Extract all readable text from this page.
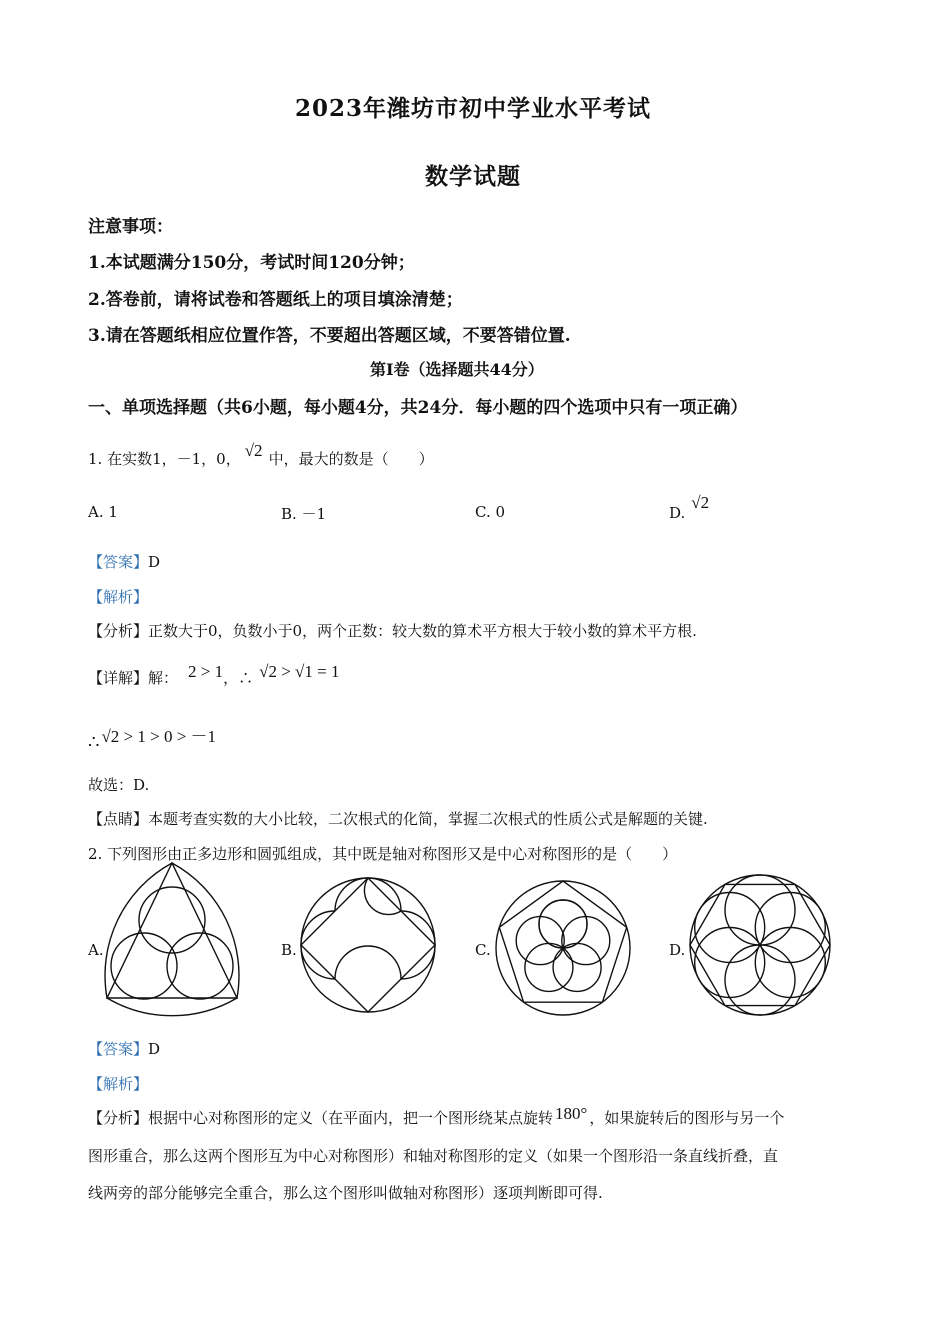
2023年潍坊市初中学业水平考试
数学试题
注意事项：
1.本试题满分150分，考试时间120分钟；
2.答卷前，请将试卷和答题纸上的项目填涂清楚；
3.请在答题纸相应位置作答，不要超出答题区域，不要答错位置.
第I卷（选择题共44分）
一、单项选择题（共6小题，每小题4分，共24分．每小题的四个选项中只有一项正确）
1. 在实数1，－1，0， √2 中，最大的数是（　　）
A. 1	B. －1	C. 0	D.√2
【答案】D
【解析】
【分析】正数大于0，负数小于0，两个正数：较大数的算术平方根大于较小数的算术平方根.
【详解】解： 2 > 1，∴ √2 > √1 = 1
∴ √2 > 1 > 0 > －1
故选：D.
【点睛】本题考查实数的大小比较，二次根式的化简，掌握二次根式的性质公式是解题的关键.
2. 下列图形由正多边形和圆弧组成，其中既是轴对称图形又是中心对称图形的是（　　）
A.	B.	C.	D.
【答案】D
【解析】
【分析】根据中心对称图形的定义（在平面内，把一个图形绕某点旋转 180° ，如果旋转后的图形与另一个
图形重合，那么这两个图形互为中心对称图形）和轴对称图形的定义（如果一个图形沿一条直线折叠，直
线两旁的部分能够完全重合，那么这个图形叫做轴对称图形）逐项判断即可得.
